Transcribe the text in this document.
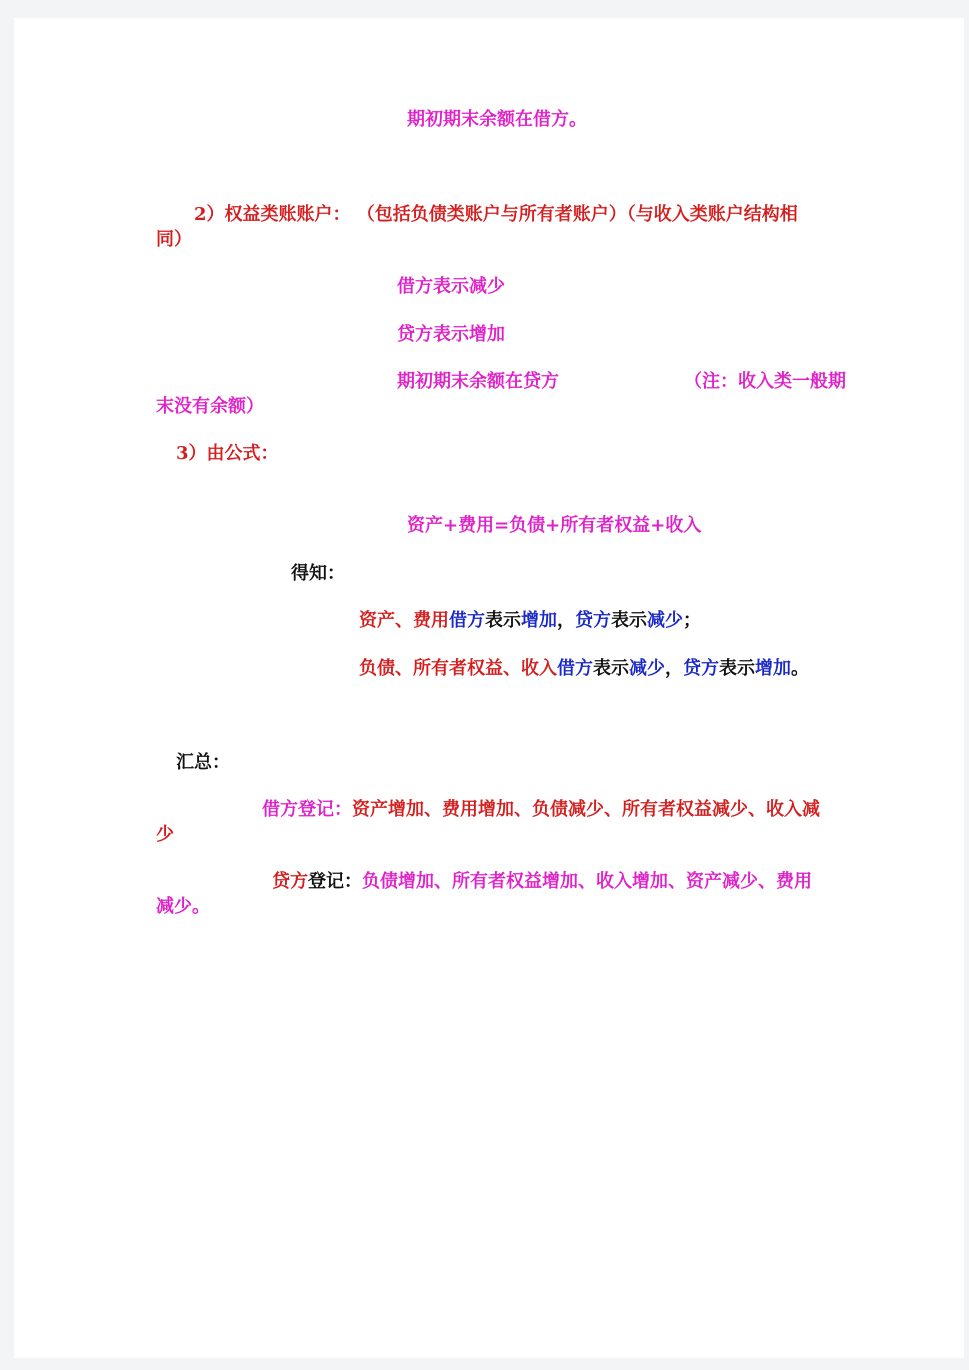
期初期末余额在借方。
2）权益类账账户： （包括负债类账户与所有者账户）（与收入类账户结构相
同）
借方表示减少
贷方表示增加
期初期末余额在贷方	（注：收入类一般期
末没有余额）
3）由公式：
资产+费用=负债+所有者权益+收入
得知：
资产、费用借方表示增加，贷方表示减少；
负债、所有者权益、收入借方表示减少，贷方表示增加。
汇总：
借方登记：资产增加、费用增加、负债减少、所有者权益减少、收入减
少
贷方登记：负债增加、所有者权益增加、收入增加、资产减少、费用
减少。
